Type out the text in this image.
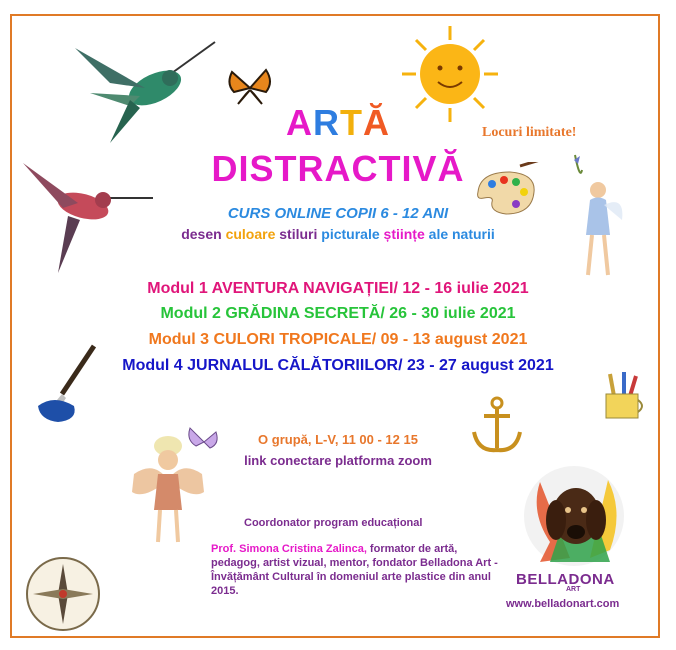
ARTĂ
DISTRACTIVĂ
Locuri limitate!
CURS ONLINE COPII 6 - 12 ANI
desen culoare stiluri picturale științe ale naturii
Modul 1 AVENTURA NAVIGAȚIEI/ 12 - 16 iulie 2021
Modul 2 GRĂDINA SECRETĂ/ 26 - 30 iulie 2021
Modul 3 CULORI TROPICALE/ 09 - 13 august 2021
Modul 4 JURNALUL CĂLĂTORIILOR/ 23 - 27 august 2021
O grupă, L-V, 11 00 - 12 15
link conectare platforma zoom
Coordonator program educațional
Prof. Simona Cristina Zalinca, formator de artă, pedagog, artist vizual, mentor, fondator Belladona Art - Învățământ Cultural în domeniul arte plastice din anul 2015.
BELLADONA
ART
www.belladonart.com
